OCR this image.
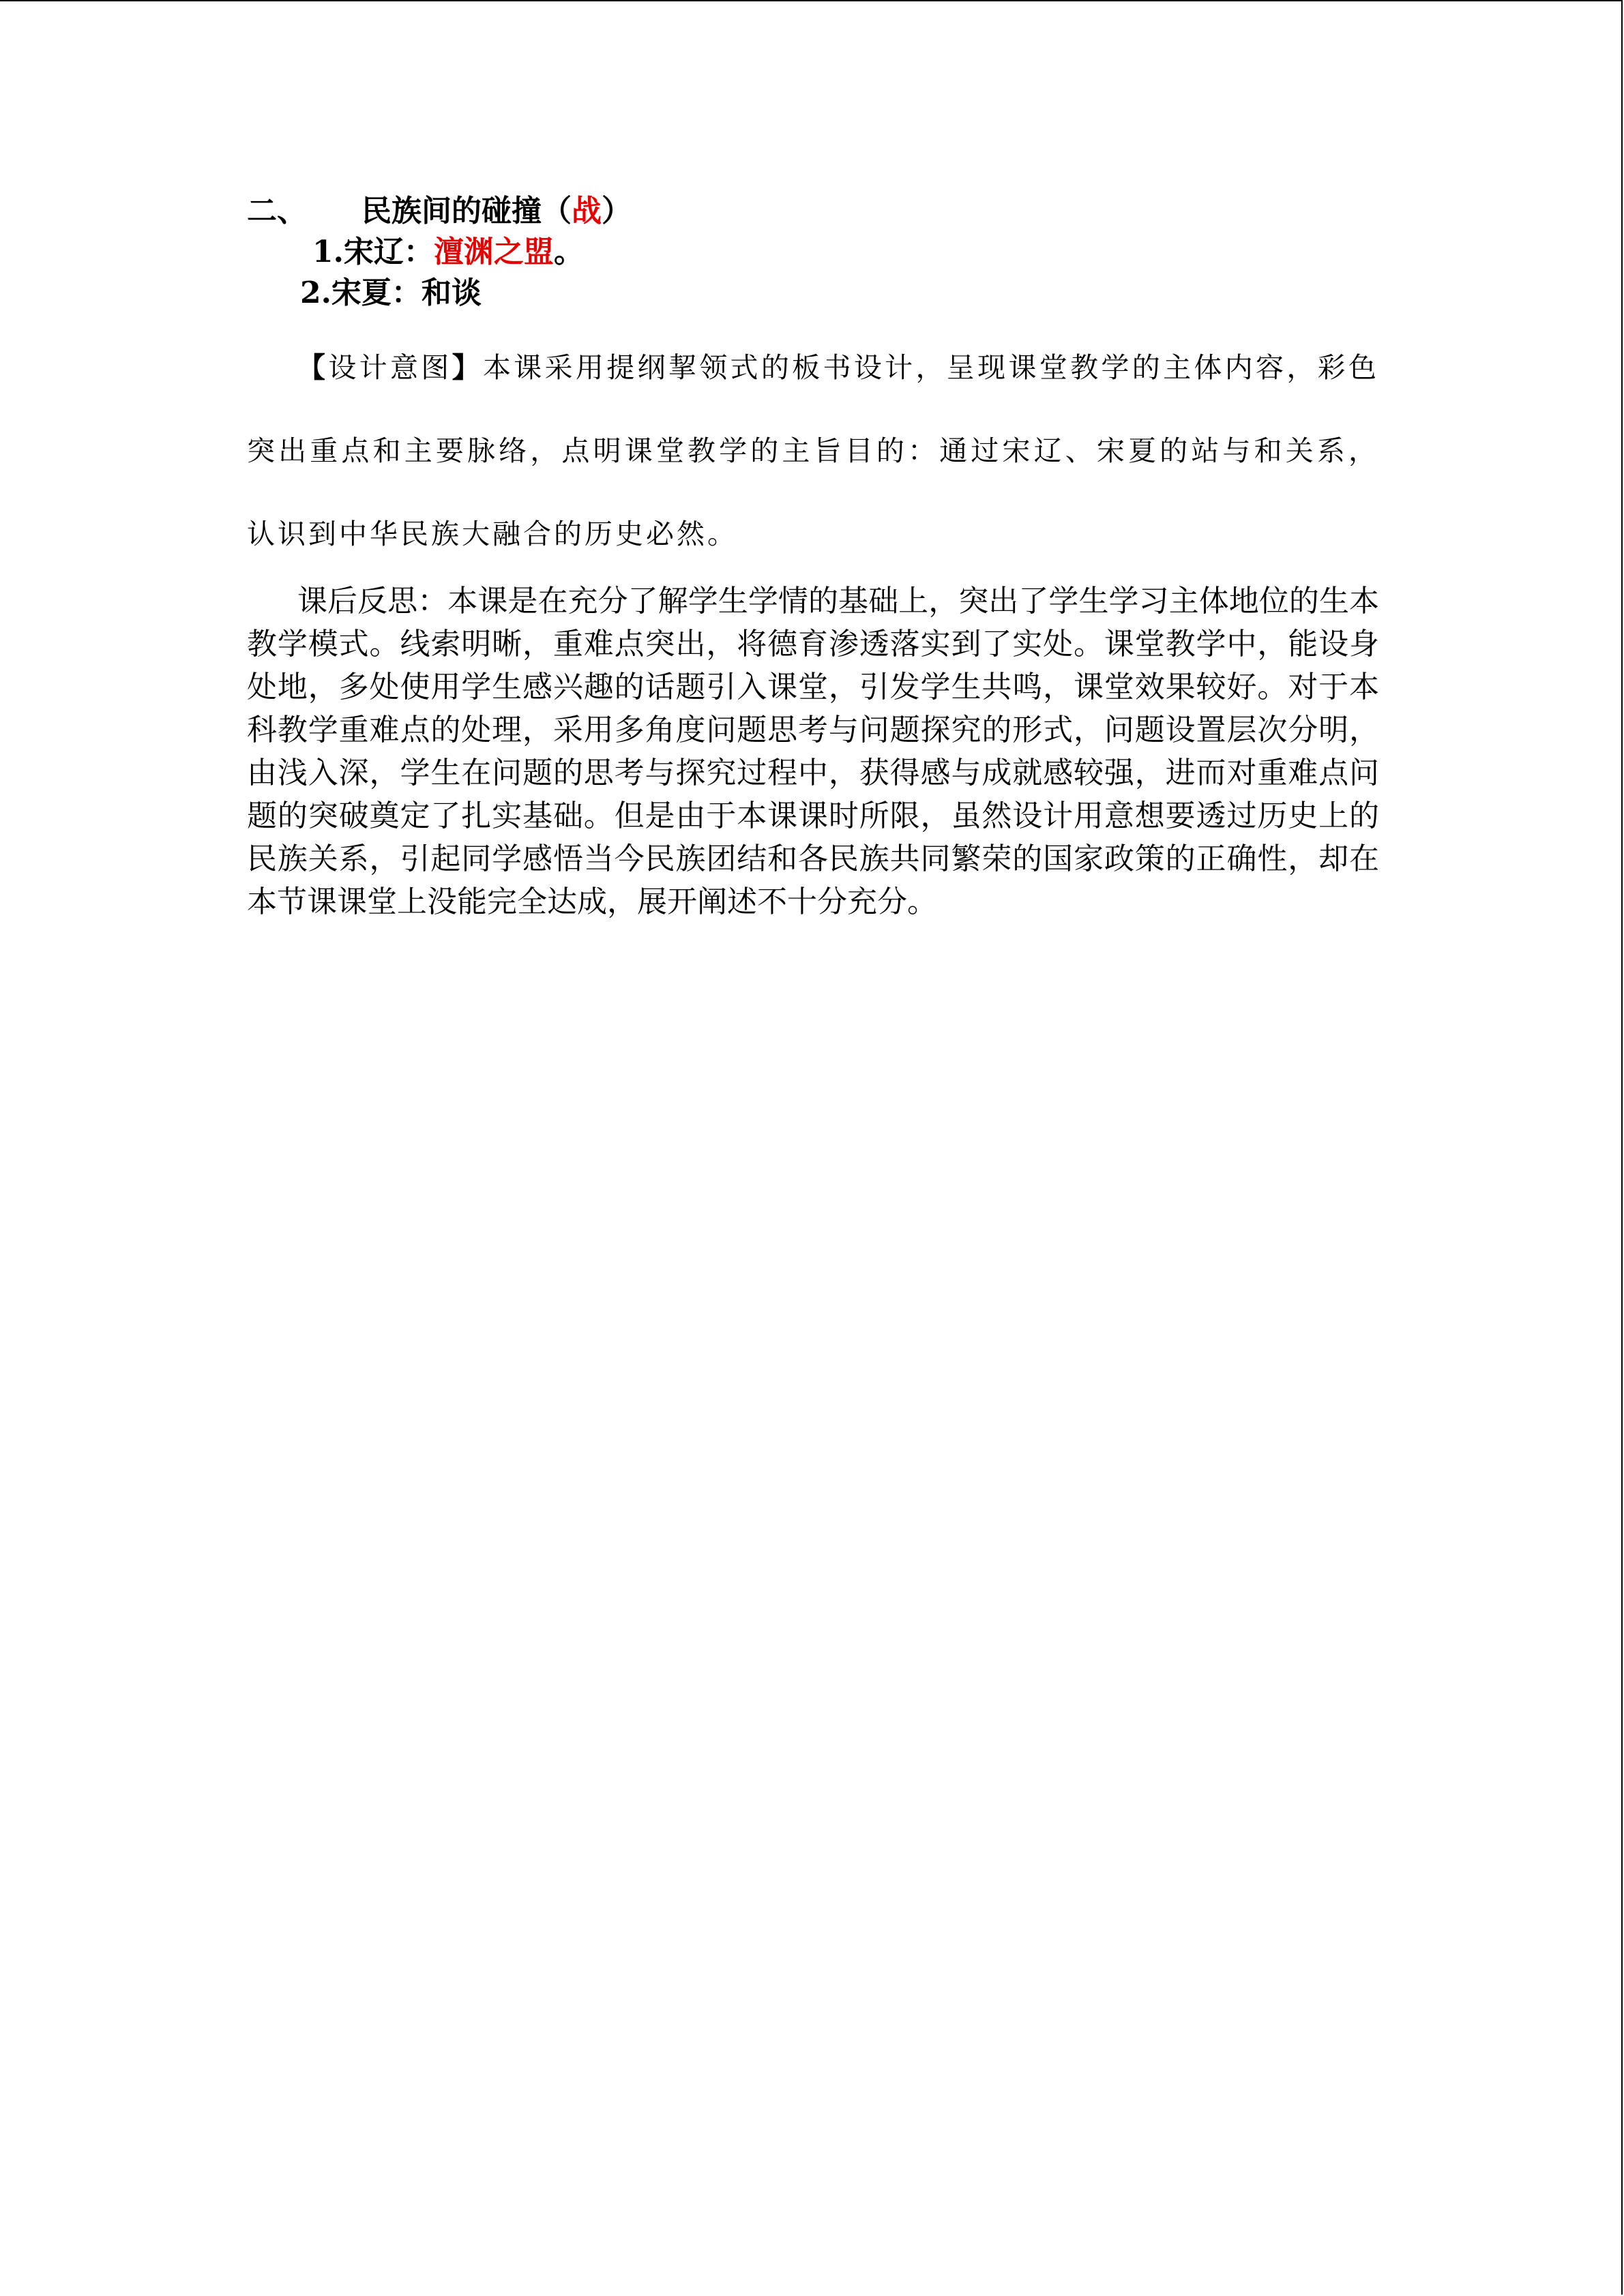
二、 民族间的碰撞（战）
1.宋辽：澶渊之盟。
2.宋夏：和谈
【设计意图】本课采用提纲挈领式的板书设计，呈现课堂教学的主体内容，彩色突出重点和主要脉络，点明课堂教学的主旨目的：通过宋辽、宋夏的站与和关系，认识到中华民族大融合的历史必然。
课后反思：本课是在充分了解学生学情的基础上，突出了学生学习主体地位的生本教学模式。线索明晰，重难点突出，将德育渗透落实到了实处。课堂教学中，能设身处地，多处使用学生感兴趣的话题引入课堂，引发学生共鸣，课堂效果较好。对于本科教学重难点的处理，采用多角度问题思考与问题探究的形式，问题设置层次分明，由浅入深，学生在问题的思考与探究过程中，获得感与成就感较强，进而对重难点问题的突破奠定了扎实基础。但是由于本课课时所限，虽然设计用意想要透过历史上的民族关系，引起同学感悟当今民族团结和各民族共同繁荣的国家政策的正确性，却在本节课课堂上没能完全达成，展开阐述不十分充分。
